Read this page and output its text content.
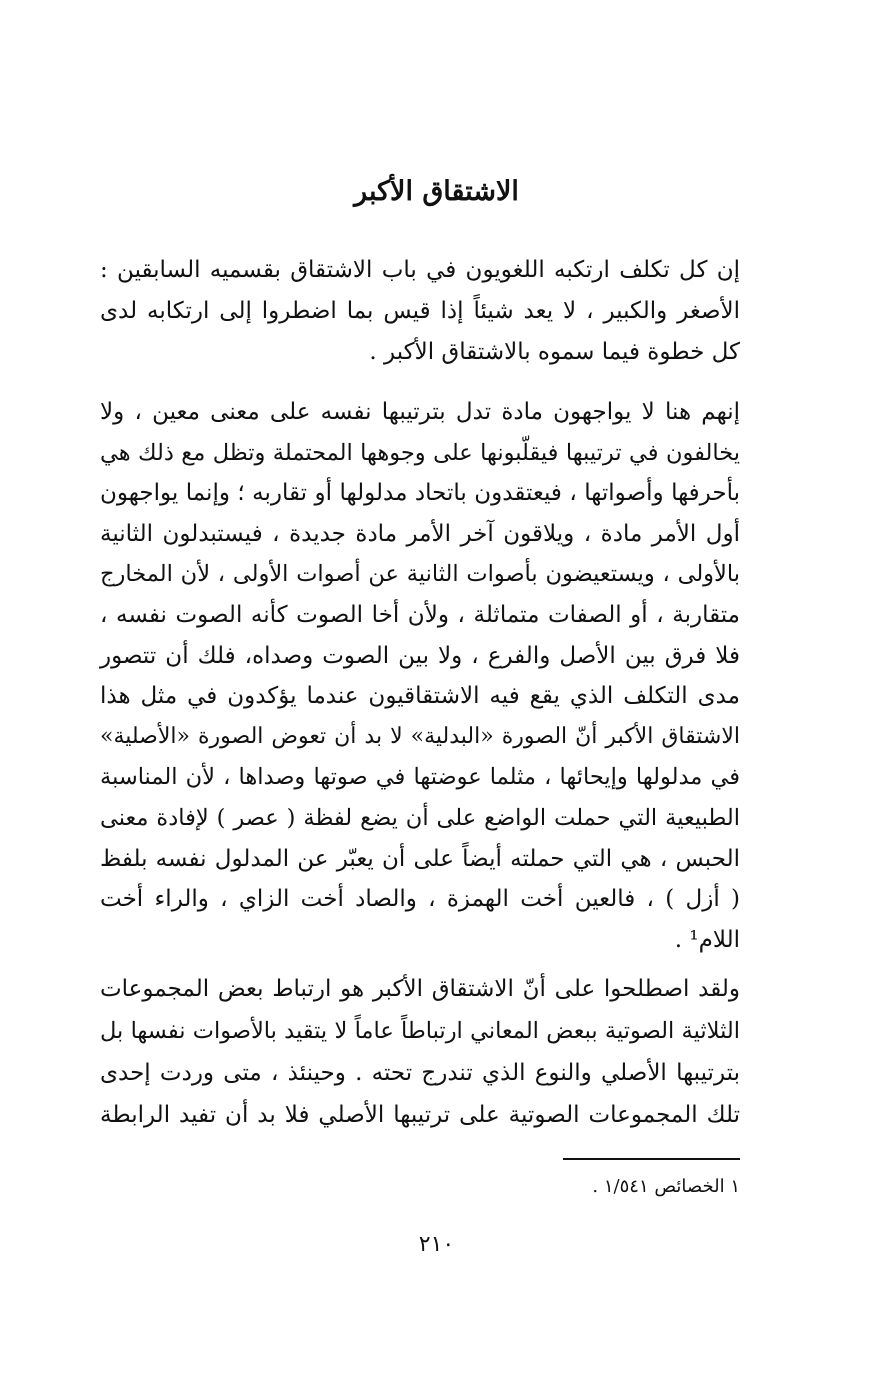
الاشتقاق الأكبر
إن كل تكلف ارتكبه اللغويون في باب الاشتقاق بقسميه السابقين :
الأصغر والكبير ، لا يعد شيئاً إذا قيس بما اضطروا إلى ارتكابه لدى
كل خطوة فيما سموه بالاشتقاق الأكبر .
إنهم هنا لا يواجهون مادة تدل بترتيبها نفسه على معنى معين ، ولا
يخالفون في ترتيبها فيقلّبونها على وجوهها المحتملة وتظل مع ذلك هي
بأحرفها وأصواتها ، فيعتقدون باتحاد مدلولها أو تقاربه ؛ وإنما يواجهون
أول الأمر مادة ، ويلاقون آخر الأمر مادة جديدة ، فيستبدلون الثانية
بالأولى ، ويستعيضون بأصوات الثانية عن أصوات الأولى ، لأن المخارج
متقاربة ، أو الصفات متماثلة ، ولأن أخا الصوت كأنه الصوت نفسه ،
فلا فرق بين الأصل والفرع ، ولا بين الصوت وصداه، فلك أن تتصور
مدى التكلف الذي يقع فيه الاشتقاقيون عندما يؤكدون في مثل هذا
الاشتقاق الأكبر أنّ الصورة «البدلية» لا بد أن تعوض الصورة «الأصلية»
في مدلولها وإيحائها ، مثلما عوضتها في صوتها وصداها ، لأن المناسبة
الطبيعية التي حملت الواضع على أن يضع لفظة ( عصر ) لإفادة معنى
الحبس ، هي التي حملته أيضاً على أن يعبّر عن المدلول نفسه بلفظ
( أزل ) ، فالعين أخت الهمزة ، والصاد أخت الزاي ، والراء أخت
اللام¹ .
ولقد اصطلحوا على أنّ الاشتقاق الأكبر هو ارتباط بعض المجموعات
الثلاثية الصوتية ببعض المعاني ارتباطاً عاماً لا يتقيد بالأصوات نفسها بل
بترتيبها الأصلي والنوع الذي تندرج تحته . وحينئذ ، متى وردت إحدى
تلك المجموعات الصوتية على ترتيبها الأصلي فلا بد أن تفيد الرابطة
١ الخصائص ١/٥٤١ .
٢١٠
